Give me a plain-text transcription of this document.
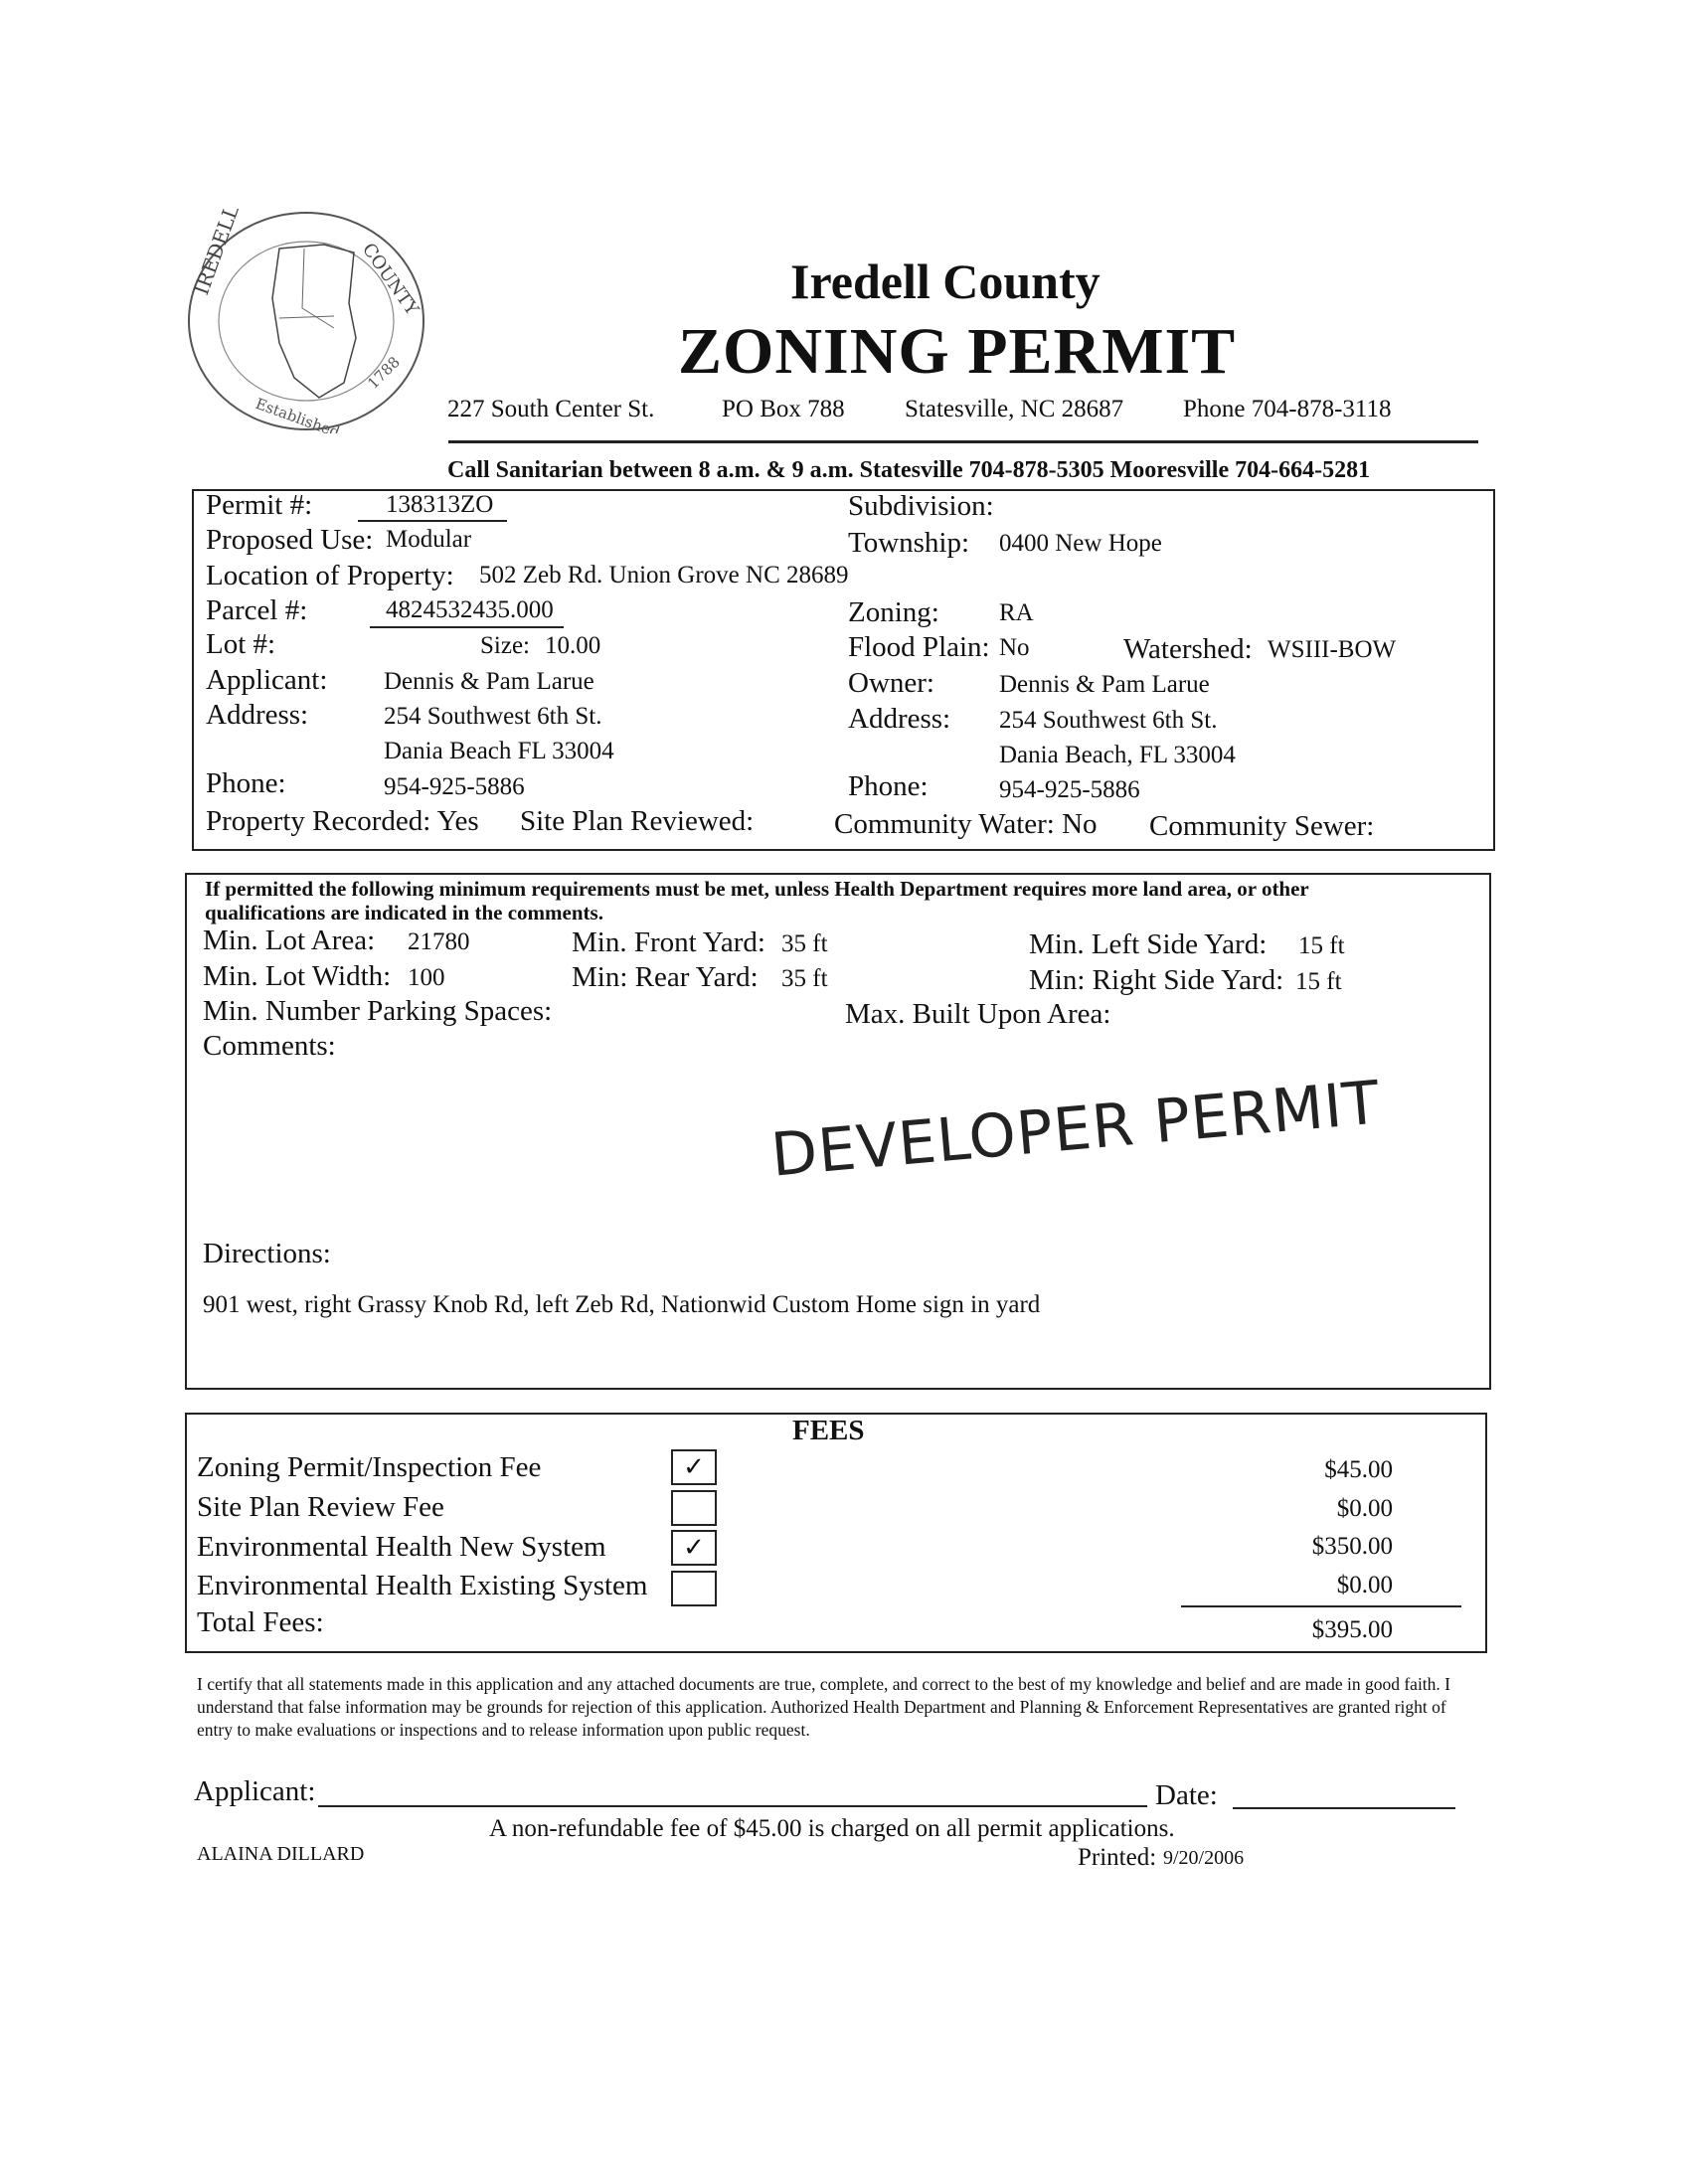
IREDELL	COUNTY
Established
1788
Iredell County
ZONING PERMIT
227 South Center St.	PO Box 788 Statesville, NC 28687 Phone 704-878-3118
Call Sanitarian between 8 a.m. & 9 a.m. Statesville 704-878-5305 Mooresville 704-664-5281
Permit #:	138313ZO	Subdivision:
Proposed Use: Modular	Township: 0400 New Hope
Location of Property: 502 Zeb Rd. Union Grove NC 28689
Parcel #:	4824532435.000	Zoning: RA
Lot #:	Size: 10.00	Flood Plain: No	Watershed: WSIII-BOW
Applicant: Dennis & Pam Larue	Owner:	Dennis & Pam Larue
Address:	254 Southwest 6th St.	Address: 254 Southwest 6th St.
Dania Beach FL 33004	Dania Beach, FL 33004
Phone:	954-925-5886	Phone:	954-925-5886
Property Recorded: Yes Site Plan Reviewed:	Community Water: No Community Sewer:
If permitted the following minimum requirements must be met, unless Health Department requires more land area, or other
qualifications are indicated in the comments.
Min. Lot Area: 21780	Min. Front Yard: 35 ft	Min. Left Side Yard: 15 ft
Min. Lot Width: 100	Min: Rear Yard: 35 ft	Min: Right Side Yard: 15 ft
Min. Number Parking Spaces:	Max. Built Upon Area:
Comments:
DEVELOPER PERMIT
Directions:
901 west, right Grassy Knob Rd, left Zeb Rd, Nationwid Custom Home sign in yard
FEES
Zoning Permit/Inspection Fee	✓	$45.00
Site Plan Review Fee	$0.00
Environmental Health New System	✓	$350.00
Environmental Health Existing System	$0.00
Total Fees:	$395.00
I certify that all statements made in this application and any attached documents are true, complete, and correct to the best of my knowledge and belief and are made in good faith. I understand that false information may be grounds for rejection of this application. Authorized Health Department and Planning & Enforcement Representatives are granted right of entry to make evaluations or inspections and to release information upon public request.
Applicant:	Date:
A non-refundable fee of $45.00 is charged on all permit applications.
ALAINA DILLARD	Printed: 9/20/2006
